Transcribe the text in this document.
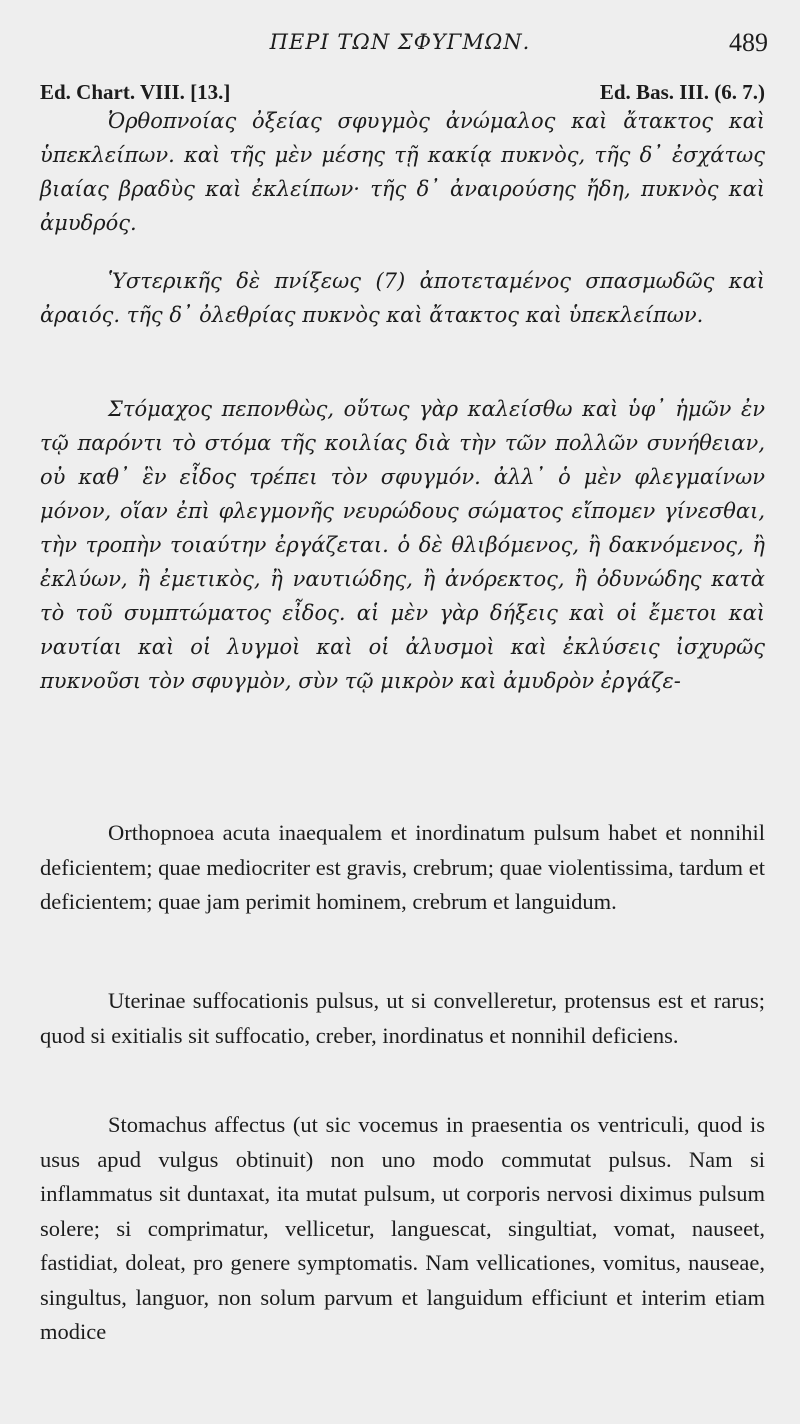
ΠΕΡΙ ΤΩΝ ΣΦΥΓΜΩΝ.	489
Ed. Chart. VIII. [13.]	Ed. Bas. III. (6. 7.)

Ὀρθοπνοίας ὀξείας σφυγμὸς ἀνώμαλος καὶ ἄτακτος καὶ ὑπεκλείπων. καὶ τῆς μὲν μέσης τῇ κακίᾳ πυκνὸς, τῆς δ᾽ ἐσχάτως βιαίας βραδὺς καὶ ἐκλείπων· τῆς δ᾽ ἀναιρούσης ἤδη, πυκνὸς καὶ ἀμυδρός.

Ὑστερικῆς δὲ πνίξεως (7) ἀποτεταμένος σπασμωδῶς καὶ ἀραιός. τῆς δ᾽ ὀλεθρίας πυκνὸς καὶ ἄτακτος καὶ ὑπεκλείπων.

Στόμαχος πεπονθὼς, οὕτως γὰρ καλείσθω καὶ ὑφ᾽ ἡμῶν ἐν τῷ παρόντι τὸ στόμα τῆς κοιλίας διὰ τὴν τῶν πολλῶν συνήθειαν, οὐ καθ᾽ ἓν εἶδος τρέπει τὸν σφυγμόν. ἀλλ᾽ ὁ μὲν φλεγμαίνων μόνον, οἵαν ἐπὶ φλεγμονῆς νευρώδους σώματος εἴπομεν γίνεσθαι, τὴν τροπὴν τοιαύτην ἐργάζεται. ὁ δὲ θλιβόμενος, ἢ δακνόμενος, ἢ ἐκλύων, ἢ ἐμετικὸς, ἢ ναυτιώδης, ἢ ἀνόρεκτος, ἢ ὀδυνώδης κατὰ τὸ τοῦ συμπτώματος εἶδος. αἱ μὲν γὰρ δήξεις καὶ οἱ ἔμετοι καὶ ναυτίαι καὶ οἱ λυγμοὶ καὶ οἱ ἀλυσμοὶ καὶ ἐκλύσεις ἰσχυρῶς πυκνοῦσι τὸν σφυγμὸν, σὺν τῷ μικρὸν καὶ ἀμυδρὸν ἐργάζε-

Orthopnoea acuta inaequalem et inordinatum pulsum habet et nonnihil deficientem; quae mediocriter est gravis, crebrum; quae violentissima, tardum et deficientem; quae jam perimit hominem, crebrum et languidum.

Uterinae suffocationis pulsus, ut si convelleretur, protensus est et rarus; quod si exitialis sit suffocatio, creber, inordinatus et nonnihil deficiens.

Stomachus affectus (ut sic vocemus in praesentia os ventriculi, quod is usus apud vulgus obtinuit) non uno modo commutat pulsus. Nam si inflammatus sit duntaxat, ita mutat pulsum, ut corporis nervosi diximus pulsum solere; si comprimatur, vellicetur, languescat, singultiat, vomat, nauseet, fastidiat, doleat, pro genere symptomatis. Nam vellicationes, vomitus, nauseae, singultus, languor, non solum parvum et languidum efficiunt et interim etiam modice
